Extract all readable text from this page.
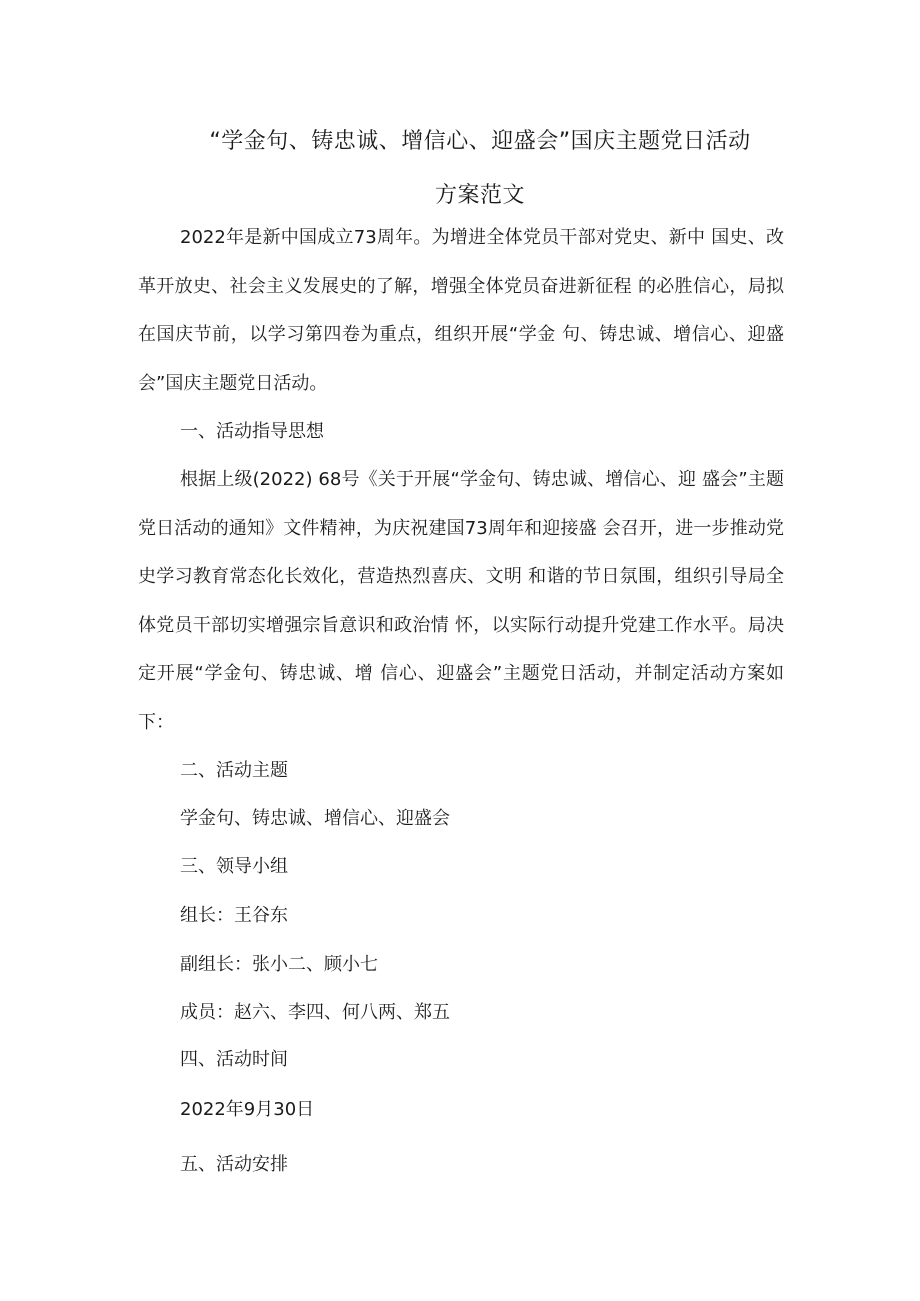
“学金句、铸忠诚、增信心、迎盛会”国庆主题党日活动
方案范文

2022年是新中国成立73周年。为增进全体党员干部对党史、新中 国史、改革开放史、社会主义发展史的了解，增强全体党员奋进新征程 的必胜信心，局拟在国庆节前，以学习第四卷为重点，组织开展“学金 句、铸忠诚、增信心、迎盛会”国庆主题党日活动。

一、活动指导思想

根据上级(2022) 68号《关于开展“学金句、铸忠诚、增信心、迎 盛会”主题党日活动的通知》文件精神，为庆祝建国73周年和迎接盛 会召开，进一步推动党史学习教育常态化长效化，营造热烈喜庆、文明 和谐的节日氛围，组织引导局全体党员干部切实增强宗旨意识和政治情 怀，以实际行动提升党建工作水平。局决定开展“学金句、铸忠诚、增 信心、迎盛会”主题党日活动，并制定活动方案如下：

二、活动主题
学金句、铸忠诚、增信心、迎盛会
三、领导小组
组长：王谷东
副组长：张小二、顾小七
成员：赵六、李四、何八两、郑五
四、活动时间
2022年9月30日
五、活动安排
